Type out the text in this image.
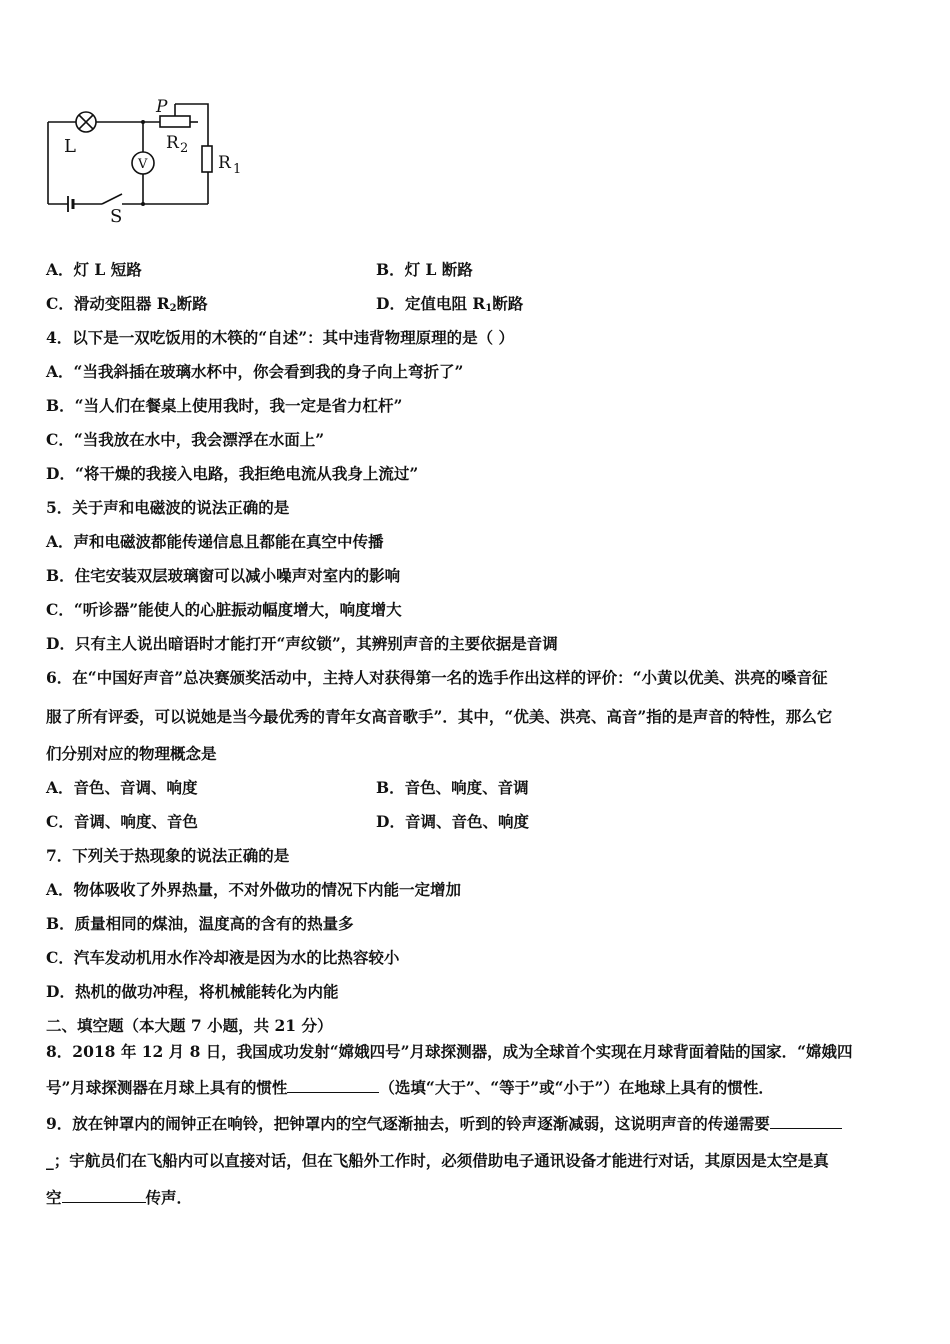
L
P
R 2
R 1
V
S
A．灯 L 短路	B．灯 L 断路
C．滑动变阻器 $R_2$断路	D．定值电阻 $R_1$断路
4．以下是一双吃饭用的木筷的“自述”：其中违背物理原理的是（ ）
A．“当我斜插在玻璃水杯中，你会看到我的身子向上弯折了”
B．“当人们在餐桌上使用我时，我一定是省力杠杆”
C．“当我放在水中，我会漂浮在水面上”
D．“将干燥的我接入电路，我拒绝电流从我身上流过”
5．关于声和电磁波的说法正确的是
A．声和电磁波都能传递信息且都能在真空中传播
B．住宅安装双层玻璃窗可以减小噪声对室内的影响
C．“听诊器”能使人的心脏振动幅度增大，响度增大
D．只有主人说出暗语时才能打开“声纹锁”，其辨别声音的主要依据是音调
6．在“中国好声音”总决赛颁奖活动中，主持人对获得第一名的选手作出这样的评价：“小黄以优美、洪亮的嗓音征
服了所有评委，可以说她是当今最优秀的青年女高音歌手”．其中，“优美、洪亮、高音”指的是声音的特性，那么它
们分别对应的物理概念是
A．音色、音调、响度	B．音色、响度、音调
C．音调、响度、音色	D．音调、音色、响度
7．下列关于热现象的说法正确的是
A．物体吸收了外界热量，不对外做功的情况下内能一定增加
B．质量相同的煤油，温度高的含有的热量多
C．汽车发动机用水作冷却液是因为水的比热容较小
D．热机的做功冲程，将机械能转化为内能
二、填空题（本大题 7 小题，共 21 分）
8．2018 年 12 月 8 日，我国成功发射“嫦娥四号”月球探测器，成为全球首个实现在月球背面着陆的国家．“嫦娥四
号”月球探测器在月球上具有的惯性	（选填“大于”、“等于”或“小于”）在地球上具有的惯性．
9．放在钟罩内的闹钟正在响铃，把钟罩内的空气逐渐抽去，听到的铃声逐渐减弱，这说明声音的传递需要
_；宇航员们在飞船内可以直接对话，但在飞船外工作时，必须借助电子通讯设备才能进行对话，其原因是太空是真
空	传声．
